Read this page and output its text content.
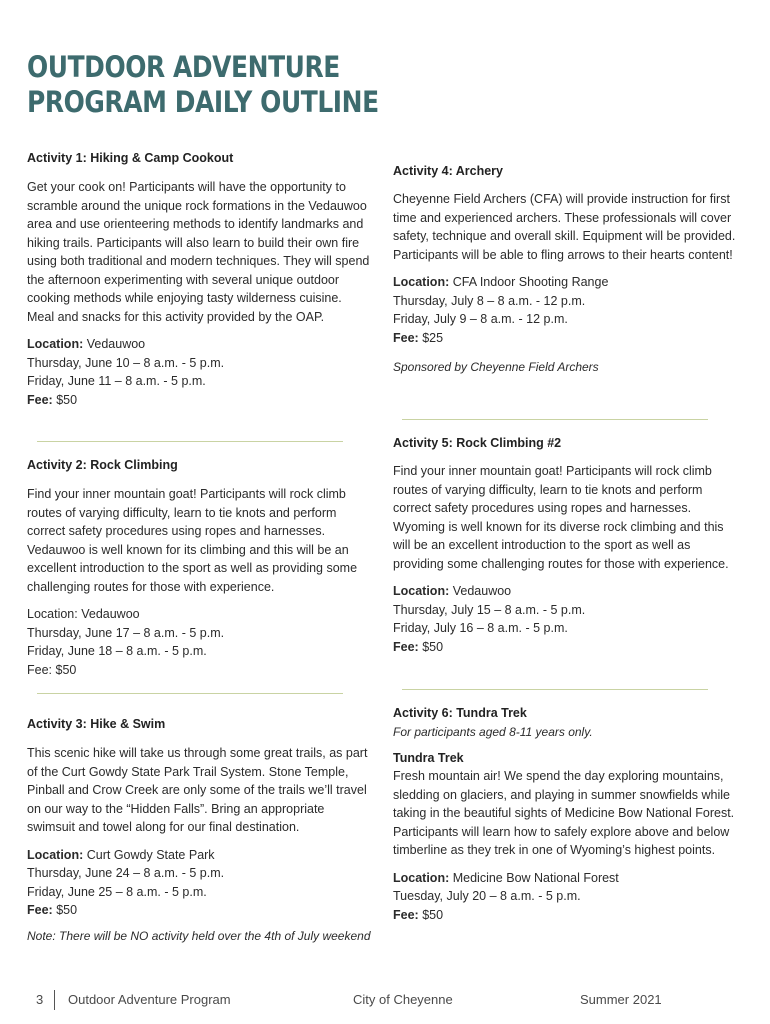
OUTDOOR ADVENTURE
PROGRAM DAILY OUTLINE

Activity 1: Hiking & Camp Cookout

Get your cook on! Participants will have the opportunity to scramble around the unique rock formations in the Vedauwoo area and use orienteering methods to identify landmarks and hiking trails. Participants will also learn to build their own fire using both traditional and modern techniques. They will spend the afternoon experimenting with several unique outdoor cooking methods while enjoying tasty wilderness cuisine. Meal and snacks for this activity provided by the OAP.

Location: Vedauwoo
Thursday, June 10 – 8 a.m. - 5 p.m.
Friday, June 11 – 8 a.m. - 5 p.m.
Fee: $50

Activity 2: Rock Climbing

Find your inner mountain goat! Participants will rock climb routes of varying difficulty, learn to tie knots and perform correct safety procedures using ropes and harnesses. Vedauwoo is well known for its climbing and this will be an excellent introduction to the sport as well as providing some challenging routes for those with experience.

Location: Vedauwoo
Thursday, June 17 – 8 a.m. - 5 p.m.
Friday, June 18 – 8 a.m. - 5 p.m.
Fee: $50

Activity 3: Hike & Swim

This scenic hike will take us through some great trails, as part of the Curt Gowdy State Park Trail System. Stone Temple, Pinball and Crow Creek are only some of the trails we’ll travel on our way to the “Hidden Falls”. Bring an appropriate swimsuit and towel along for our final destination.

Location: Curt Gowdy State Park
Thursday, June 24 – 8 a.m. - 5 p.m.
Friday, June 25 – 8 a.m. - 5 p.m.
Fee: $50

Note: There will be NO activity held over the 4th of July weekend

Activity 4: Archery

Cheyenne Field Archers (CFA) will provide instruction for first time and experienced archers. These professionals will cover safety, technique and overall skill. Equipment will be provided. Participants will be able to fling arrows to their hearts content!

Location: CFA Indoor Shooting Range
Thursday, July 8 – 8 a.m. - 12 p.m.
Friday, July 9 – 8 a.m. - 12 p.m.
Fee: $25

Sponsored by Cheyenne Field Archers

Activity 5: Rock Climbing #2

Find your inner mountain goat! Participants will rock climb routes of varying difficulty, learn to tie knots and perform correct safety procedures using ropes and harnesses. Wyoming is well known for its diverse rock climbing and this will be an excellent introduction to the sport as well as providing some challenging routes for those with experience.

Location: Vedauwoo
Thursday, July 15 – 8 a.m. - 5 p.m.
Friday, July 16 – 8 a.m. - 5 p.m.
Fee: $50

Activity 6: Tundra Trek

For participants aged 8-11 years only.

Tundra Trek

Fresh mountain air! We spend the day exploring mountains, sledding on glaciers, and playing in summer snowfields while taking in the beautiful sights of Medicine Bow National Forest. Participants will learn how to safely explore above and below timberline as they trek in one of Wyoming’s highest points.

Location: Medicine Bow National Forest
Tuesday, July 20 – 8 a.m. - 5 p.m.
Fee: $50
3 Outdoor Adventure Program	City of Cheyenne	Summer 2021
